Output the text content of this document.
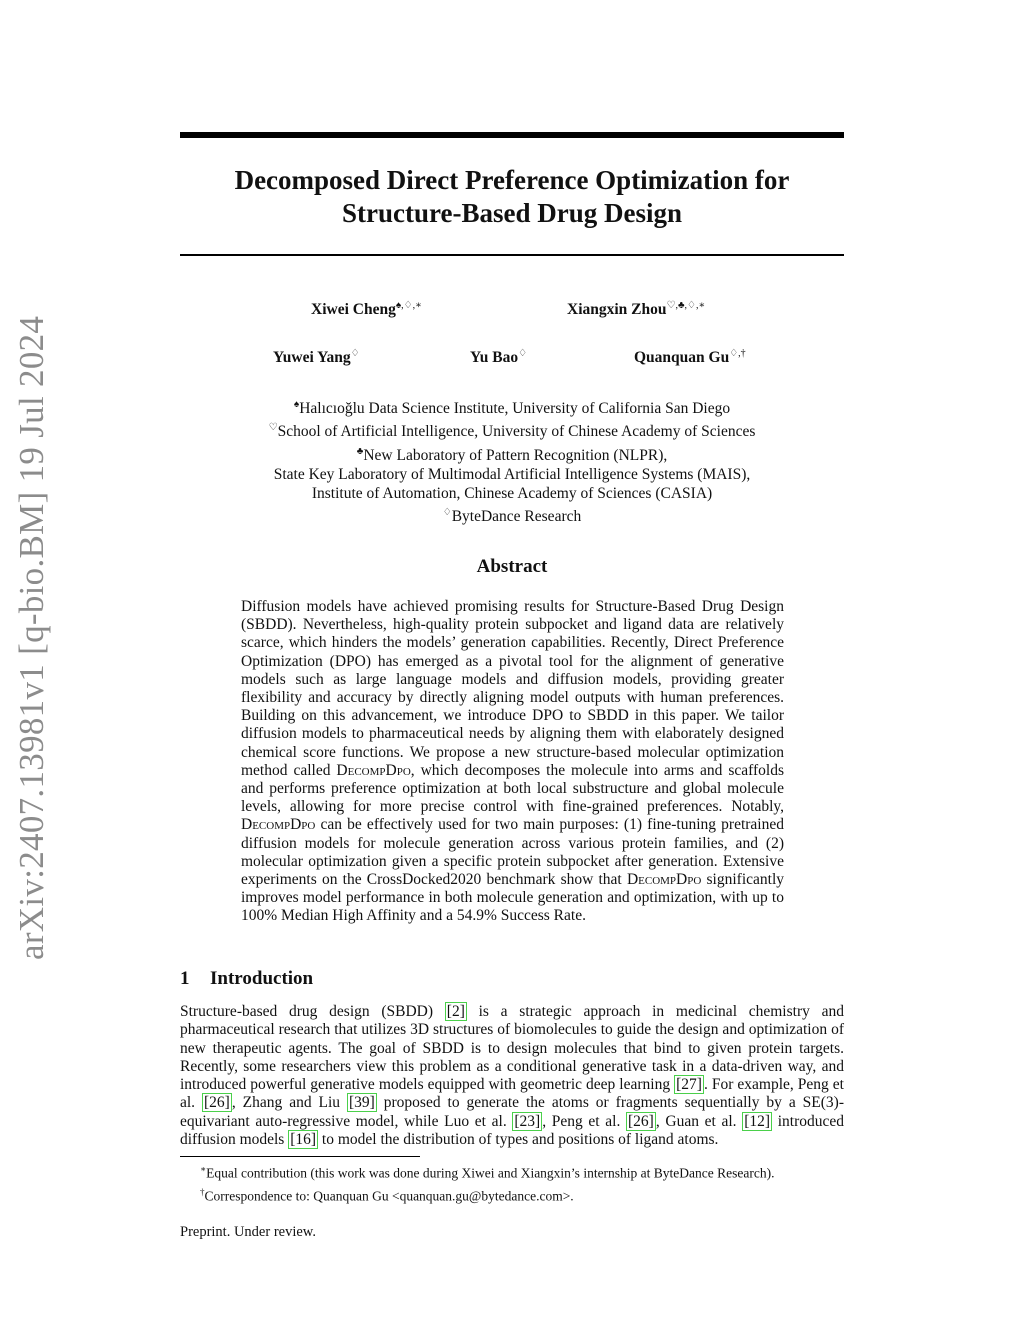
arXiv:2407.13981v1 [q-bio.BM] 19 Jul 2024
Decomposed Direct Preference Optimization for
Structure-Based Drug Design
Xiwei Cheng♠,♢,∗	Xiangxin Zhou♡,♣,♢,∗
Yuwei Yang♢	Yu Bao♢	Quanquan Gu♢,†
♠Halıcıoğlu Data Science Institute, University of California San Diego
♡School of Artificial Intelligence, University of Chinese Academy of Sciences
♣New Laboratory of Pattern Recognition (NLPR),
State Key Laboratory of Multimodal Artificial Intelligence Systems (MAIS),
Institute of Automation, Chinese Academy of Sciences (CASIA)
♢ByteDance Research
Abstract
Diffusion models have achieved promising results for Structure-Based Drug Design (SBDD). Nevertheless, high-quality protein subpocket and ligand data are relatively scarce, which hinders the models’ generation capabilities. Recently, Direct Preference Optimization (DPO) has emerged as a pivotal tool for the alignment of generative models such as large language models and diffusion models, providing greater flexibility and accuracy by directly aligning model outputs with human preferences. Building on this advancement, we introduce DPO to SBDD in this paper. We tailor diffusion models to pharmaceutical needs by aligning them with elaborately designed chemical score functions. We propose a new structure-based molecular optimization method called DecompDpo, which decomposes the molecule into arms and scaffolds and performs preference optimization at both local substructure and global molecule levels, allowing for more precise control with fine-grained preferences. Notably, DecompDpo can be effectively used for two main purposes: (1) fine-tuning pretrained diffusion models for molecule generation across various protein families, and (2) molecular optimization given a specific protein subpocket after generation. Extensive experiments on the CrossDocked2020 benchmark show that DecompDpo significantly improves model performance in both molecule generation and optimization, with up to 100% Median High Affinity and a 54.9% Success Rate.
1 Introduction
Structure-based drug design (SBDD) [2] is a strategic approach in medicinal chemistry and pharmaceutical research that utilizes 3D structures of biomolecules to guide the design and optimization of new therapeutic agents. The goal of SBDD is to design molecules that bind to given protein targets. Recently, some researchers view this problem as a conditional generative task in a data-driven way, and introduced powerful generative models equipped with geometric deep learning [27] . For example, Peng et al. [26] , Zhang and Liu [39] proposed to generate the atoms or fragments sequentially by a SE(3)-equivariant auto-regressive model, while Luo et al. [23] , Peng et al. [26] , Guan et al. [12] introduced diffusion models [16] to model the distribution of types and positions of ligand atoms.
∗Equal contribution (this work was done during Xiwei and Xiangxin’s internship at ByteDance Research).
†Correspondence to: Quanquan Gu <quanquan.gu@bytedance.com>.
Preprint. Under review.
